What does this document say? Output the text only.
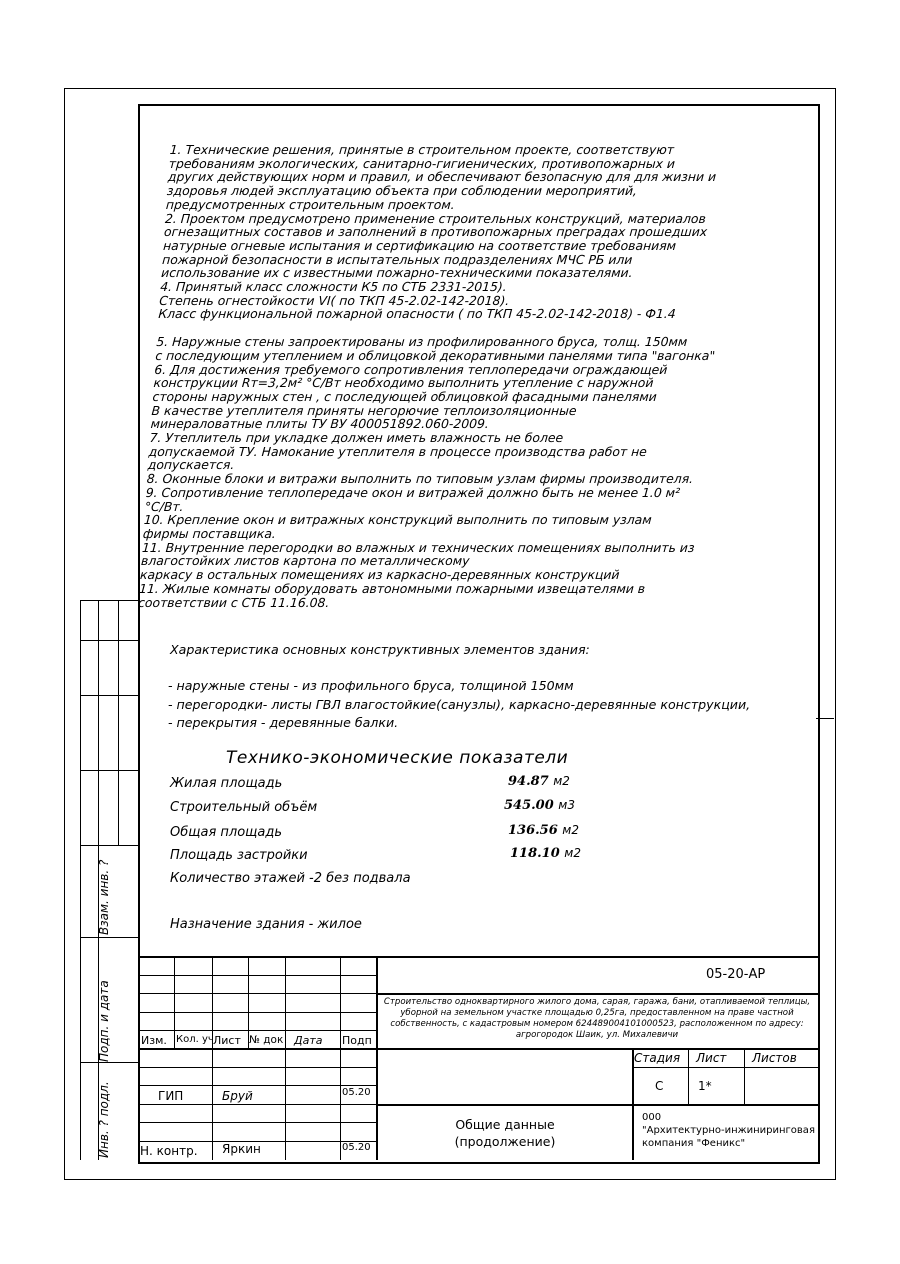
1. Технические решения, принятые в строительном проекте, соответствуют
требованиям экологических, санитарно-гигиенических, противопожарных и
других действующих норм и правил, и обеспечивают безопасную для для жизни и
здоровья людей эксплуатацию объекта при соблюдении мероприятий,
предусмотренных строительным проектом.

2. Проектом предусмотрено применение строительных конструкций, материалов
огнезащитных составов и заполнений в противопожарных преградах прошедших
натурные огневые испытания и сертификацию на соответствие требованиям
пожарной безопасности в испытательных подразделениях МЧС РБ или
использование их с известными пожарно-техническими показателями.

4. Принятый класс сложности К5 по СТБ 2331-2015).
Степень огнестойкости VI( по ТКП 45-2.02-142-2018).
Класс функциональной пожарной опасности ( по ТКП 45-2.02-142-2018) - Ф1.4

5. Наружные стены запроектированы из профилированного бруса, толщ. 150мм
с последующим утеплением и облицовкой декоративными панелями типа "вагонка"
6. Для достижения требуемого сопротивления теплопередачи ограждающей
конструкции Rт=3,2м² °С/Вт необходимо выполнить утепление с наружной
стороны наружных стен , с последующей облицовкой фасадными панелями
В качестве утеплителя приняты негорючие теплоизоляционные
минераловатные плиты ТУ ВУ 400051892.060-2009.
7. Утеплитель при укладке должен иметь влажность не более
допускаемой ТУ. Намокание утеплителя в процессе производства работ не
допускается.
8. Оконные блоки и витражи выполнить по типовым узлам фирмы производителя.
9. Сопротивление теплопередаче окон и витражей должно быть не менее 1.0 м²
°С/Вт.
10. Крепление окон и витражных конструкций выполнить по типовым узлам
фирмы поставщика.
11. Внутренние перегородки во влажных и технических помещениях выполнить из
влагостойких листов картона по металлическому
каркасу в остальных помещениях из каркасно-деревянных конструкций
11. Жилые комнаты оборудовать автономными пожарными извещателями в
соответствии с СТБ 11.16.08.

Характеристика основных конструктивных элементов здания:
- наружные стены - из профильного бруса, толщиной 150мм
- перегородки- листы ГВЛ влагостойкие(санузлы), каркасно-деревянные конструкции,
- перекрытия - деревянные балки.
Технико-экономические показатели
Жилая площадь	94.87 м2
Строительный объём	545.00 м3
Общая площадь	136.56 м2
Площадь застройки	118.10 м2
Количество этажей -2 без подвала
Назначение здания - жилое
Взам. инв. ?
Подп. и дата
Инв. ? подл.
Изм. Кол. уч Лист № док Дата Подп
ГИП	Бруй	05.20
Н. контр. Яркин	05.20
05-20-АР
Строительство одноквартирного жилого дома, сарая, гаража, бани, отапливаемой теплицы, уборной на земельном участке площадью 0,25га, предоставленном на праве частной собственность, с кадастровым номером 624489004101000523, расположенном по адресу: агрогородок Шаик, ул. Михалевичи
Стадия Лист Листов
С	1*
Общие данные
(продолжение)
000
"Архитектурно-инжиниринговая
компания "Феникс"
